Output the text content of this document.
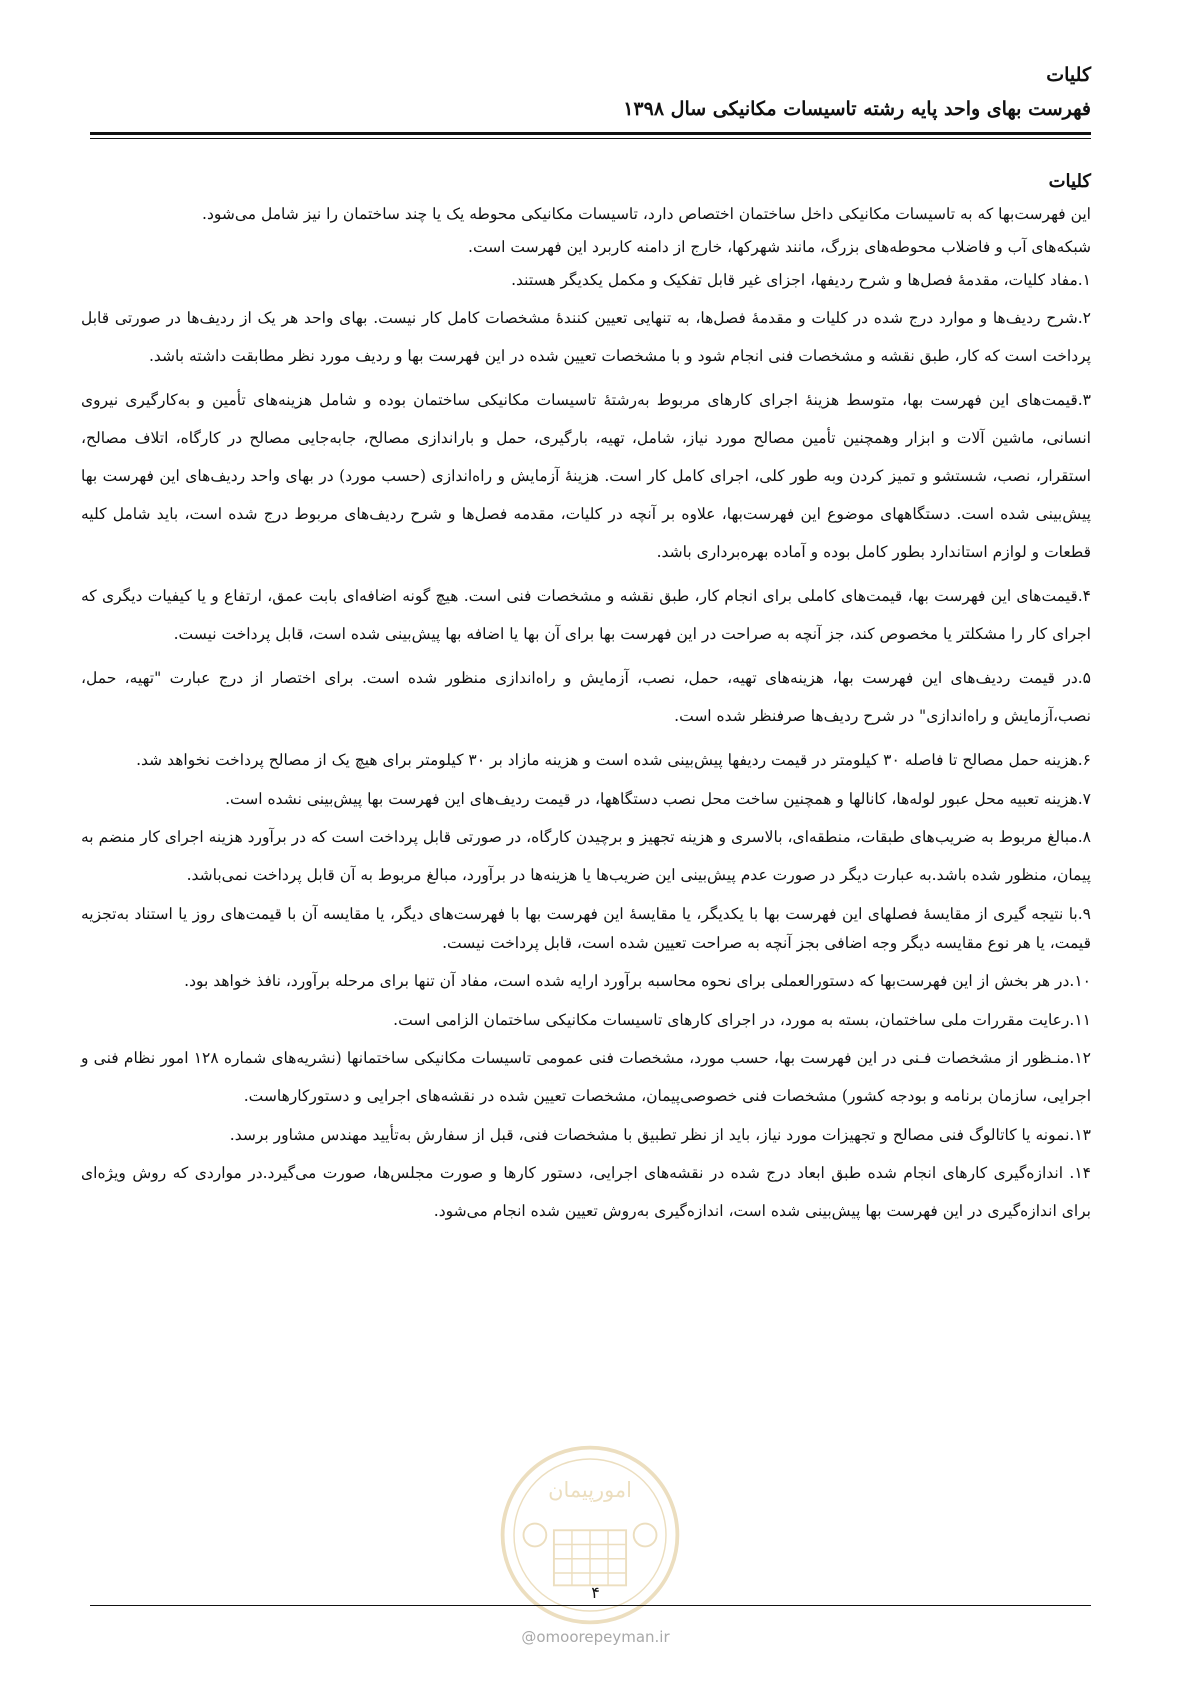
کلیات
فهرست بهای واحد پایه رشته تاسیسات مکانیکی سال ۱۳۹۸
کلیات

این فهرست‌بها که به تاسیسات مکانیکی داخل ساختمان اختصاص دارد، تاسیسات مکانیکی محوطه یک یا چند ساختمان را نیز شامل می‌شود.

شبکه‌های آب و فاضلاب محوطه‌های بزرگ، مانند شهرکها، خارج از دامنه کاربرد این فهرست است.

۱.مفاد کلیات، مقدمهٔ فصل‌ها و شرح ردیفها، اجزای غیر قابل تفکیک و مکمل یکدیگر هستند.

۲.شرح ردیف‌ها و موارد درج شده در کلیات و مقدمهٔ فصل‌ها، به تنهایی تعیین کنندهٔ مشخصات کامل کار نیست. بهای واحد هر یک از ردیف‌ها در صورتی قابل پرداخت است که کار، طبق نقشه و مشخصات فنی انجام شود و با مشخصات تعیین شده در این فهرست بها و ردیف مورد نظر مطابقت داشته باشد.

۳.قیمت‌های این فهرست بها، متوسط هزینهٔ اجرای کارهای مربوط به‌رشتهٔ تاسیسات مکانیکی ساختمان بوده و شامل هزینه‌های تأمین و به‌کارگیری نیروی انسانی، ماشین آلات و ابزار وهمچنین تأمین مصالح مورد نیاز، شامل، تهیه، بارگیری، حمل و باراندازی مصالح، جابه‌جایی مصالح در کارگاه، اتلاف مصالح، استقرار، نصب، شستشو و تمیز کردن وبه طور کلی، اجرای کامل کار است. هزینهٔ آزمایش و راه‌اندازی (حسب مورد) در بهای واحد ردیف‌های این فهرست بها پیش‌بینی شده است. دستگاههای موضوع این فهرست‌بها، علاوه بر آنچه در کلیات، مقدمه فصل‌ها و شرح ردیف‌های مربوط درج شده است، باید شامل کلیه قطعات و لوازم استاندارد بطور کامل بوده و آماده بهره‌برداری باشد.

۴.قیمت‌های این فهرست بها، قیمت‌های کاملی برای انجام کار، طبق نقشه و مشخصات فنی است. هیچ گونه اضافه‌ای بابت عمق، ارتفاع و یا کیفیات دیگری که اجرای کار را مشکلتر یا مخصوص کند، جز آنچه به صراحت در این فهرست بها برای آن بها یا اضافه بها پیش‌بینی شده است، قابل پرداخت نیست.

۵.در قیمت ردیف‌های این فهرست بها، هزینه‌های تهیه، حمل، نصب، آزمایش و راه‌اندازی منظور شده است. برای اختصار از درج عبارت "تهیه، حمل، نصب،آزمایش و راه‌اندازی" در شرح ردیف‌ها صرفنظر شده است.

۶.هزینه حمل مصالح تا فاصله ۳۰ کیلومتر در قیمت ردیفها پیش‌بینی شده است و هزینه مازاد بر ۳۰ کیلومتر برای هیچ یک از مصالح پرداخت نخواهد شد.

۷.هزینه تعبیه محل عبور لوله‌ها، کانالها و همچنین ساخت محل نصب دستگاهها، در قیمت ردیف‌های این فهرست بها پیش‌بینی نشده است.

۸.مبالغ مربوط به ضریب‌های طبقات، منطقه‌ای، بالاسری و هزینه تجهیز و برچیدن کارگاه، در صورتی قابل پرداخت است که در برآورد هزینه اجرای کار منضم به پیمان، منظور شده باشد.به عبارت دیگر در صورت عدم پیش‌بینی این ضریب‌ها یا هزینه‌ها در برآورد، مبالغ مربوط به آن قابل پرداخت نمی‌باشد.

۹.با نتیجه گیری از مقایسهٔ فصلهای این فهرست بها با یکدیگر، یا مقایسهٔ این فهرست بها با فهرست‌های دیگر، یا مقایسه آن با قیمت‌های روز یا استناد به‌تجزیه قیمت، یا هر نوع مقایسه دیگر وجه اضافی بجز آنچه به صراحت تعیین شده است، قابل پرداخت نیست.

۱۰.در هر بخش از این فهرست‌بها که دستورالعملی برای نحوه محاسبه برآورد ارایه شده است، مفاد آن تنها برای مرحله برآورد، نافذ خواهد بود.

۱۱.رعایت مقررات ملی ساختمان، بسته به مورد، در اجرای کارهای تاسیسات مکانیکی ساختمان الزامی است.

۱۲.منـظور از مشخصات فـنی در این فهرست بها، حسب مورد، مشخصات فنی عمومی تاسیسات مکانیکی ساختمانها (نشریه‌های شماره ۱۲۸ امور نظام فنی و اجرایی، سازمان برنامه و بودجه کشور) مشخصات فنی خصوصی‌پیمان، مشخصات تعیین شده در نقشه‌های اجرایی و دستورکارهاست.

۱۳.نمونه یا کاتالوگ فنی مصالح و تجهیزات مورد نیاز، باید از نظر تطبیق با مشخصات فنی، قبل از سفارش به‌تأیید مهندس مشاور برسد.

۱۴. اندازه‌گیری کارهای انجام شده طبق ابعاد درج شده در نقشه‌های اجرایی، دستور کارها و صورت مجلس‌ها، صورت می‌گیرد.در مواردی که روش ویژه‌ای برای اندازه‌گیری در این فهرست بها پیش‌بینی شده است، اندازه‌گیری به‌روش تعیین شده انجام می‌شود.

امورپیمان
۴
@omoorepeyman.ir
